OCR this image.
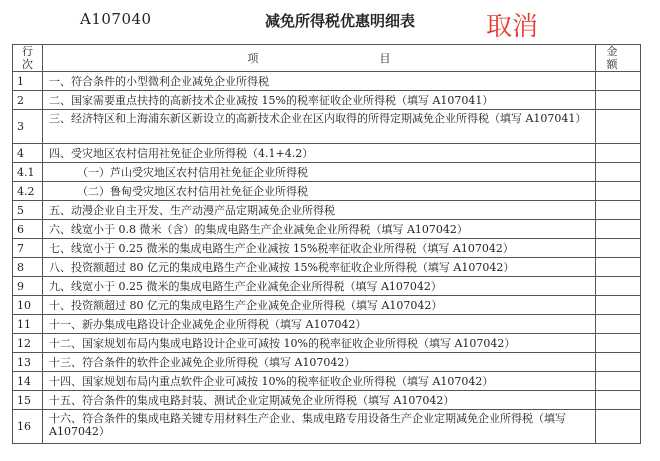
A107040	减免所得税优惠明细表	取消
行次	项　　　　　　　　　　　目	金额
1	一、符合条件的小型微利企业减免企业所得税	
2	二、国家需要重点扶持的高新技术企业减按 15%的税率征收企业所得税（填写 A107041）	
3	三、经济特区和上海浦东新区新设立的高新技术企业在区内取得的所得定期减免企业所得税（填写 A107041）	
4	四、受灾地区农村信用社免征企业所得税（4.1+4.2）	
4.1	（一）芦山受灾地区农村信用社免征企业所得税	
4.2	（二）鲁甸受灾地区农村信用社免征企业所得税	
5	五、动漫企业自主开发、生产动漫产品定期减免企业所得税	
6	六、线宽小于 0.8 微米（含）的集成电路生产企业减免企业所得税（填写 A107042）	
7	七、线宽小于 0.25 微米的集成电路生产企业减按 15%税率征收企业所得税（填写 A107042）	
8	八、投资额超过 80 亿元的集成电路生产企业减按 15%税率征收企业所得税（填写 A107042）	
9	九、线宽小于 0.25 微米的集成电路生产企业减免企业所得税（填写 A107042）	
10	十、投资额超过 80 亿元的集成电路生产企业减免企业所得税（填写 A107042）	
11	十一、新办集成电路设计企业减免企业所得税（填写 A107042）	
12	十二、国家规划布局内集成电路设计企业可减按 10%的税率征收企业所得税（填写 A107042）	
13	十三、符合条件的软件企业减免企业所得税（填写 A107042）	
14	十四、国家规划布局内重点软件企业可减按 10%的税率征收企业所得税（填写 A107042）	
15	十五、符合条件的集成电路封装、测试企业定期减免企业所得税（填写 A107042）	
16	十六、符合条件的集成电路关键专用材料生产企业、集成电路专用设备生产企业定期减免企业所得税（填写 A107042）	
